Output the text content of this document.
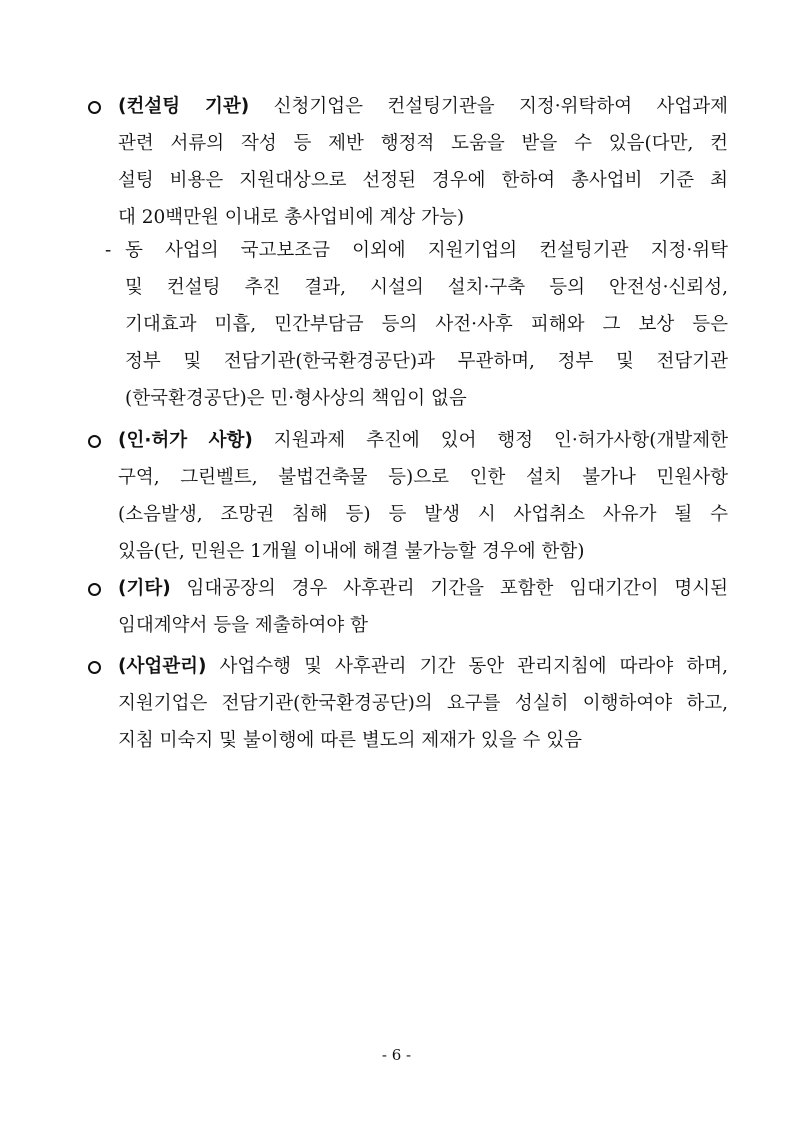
(컨설팅 기관) 신청기업은 컨설팅기관을 지정·위탁하여 사업과제
관련 서류의 작성 등 제반 행정적 도움을 받을 수 있음(다만, 컨
설팅 비용은 지원대상으로 선정된 경우에 한하여 총사업비 기준 최
대 20백만원 이내로 총사업비에 계상 가능)
- 동 사업의 국고보조금 이외에 지원기업의 컨설팅기관 지정·위탁
및 컨설팅 추진 결과, 시설의 설치·구축 등의 안전성·신뢰성,
기대효과 미흡, 민간부담금 등의 사전·사후 피해와 그 보상 등은
정부 및 전담기관(한국환경공단)과 무관하며, 정부 및 전담기관
(한국환경공단)은 민·형사상의 책임이 없음
(인·허가 사항) 지원과제 추진에 있어 행정 인·허가사항(개발제한
구역, 그린벨트, 불법건축물 등)으로 인한 설치 불가나 민원사항
(소음발생, 조망권 침해 등) 등 발생 시 사업취소 사유가 될 수
있음(단, 민원은 1개월 이내에 해결 불가능할 경우에 한함)
(기타) 임대공장의 경우 사후관리 기간을 포함한 임대기간이 명시된
임대계약서 등을 제출하여야 함
(사업관리) 사업수행 및 사후관리 기간 동안 관리지침에 따라야 하며,
지원기업은 전담기관(한국환경공단)의 요구를 성실히 이행하여야 하고,
지침 미숙지 및 불이행에 따른 별도의 제재가 있을 수 있음
- 6 -
